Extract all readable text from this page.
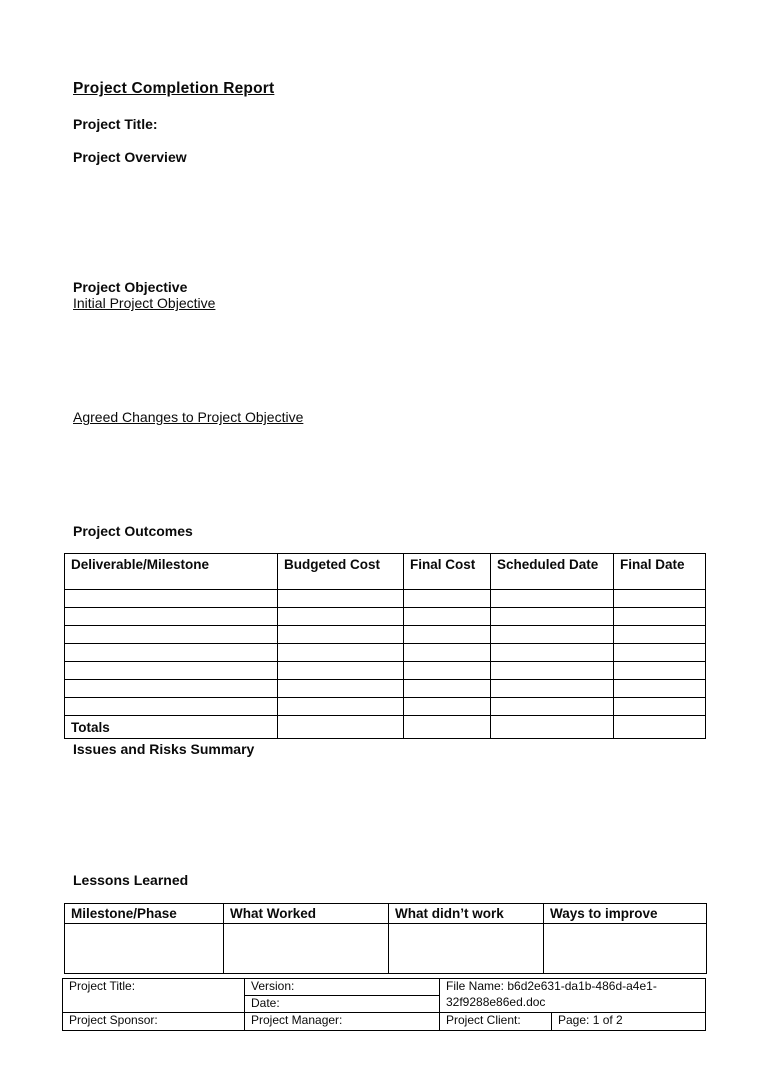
Project Completion Report
Project Title:
Project Overview
Project Objective
Initial Project Objective
Agreed Changes to Project Objective
Project Outcomes
Deliverable/Milestone	Budgeted Cost	Final Cost	Scheduled Date	Final Date

Totals				
Issues and Risks Summary
Lessons Learned
Milestone/Phase	What Worked	What didn’t work	Ways to improve

Project Title:	Version:	File Name: b6d2e631-da1b-486d-a4e1-32f9288e86ed.doc	
	Date:		
Project Sponsor:	Project Manager:	Project Client:	Page: 1 of 2
